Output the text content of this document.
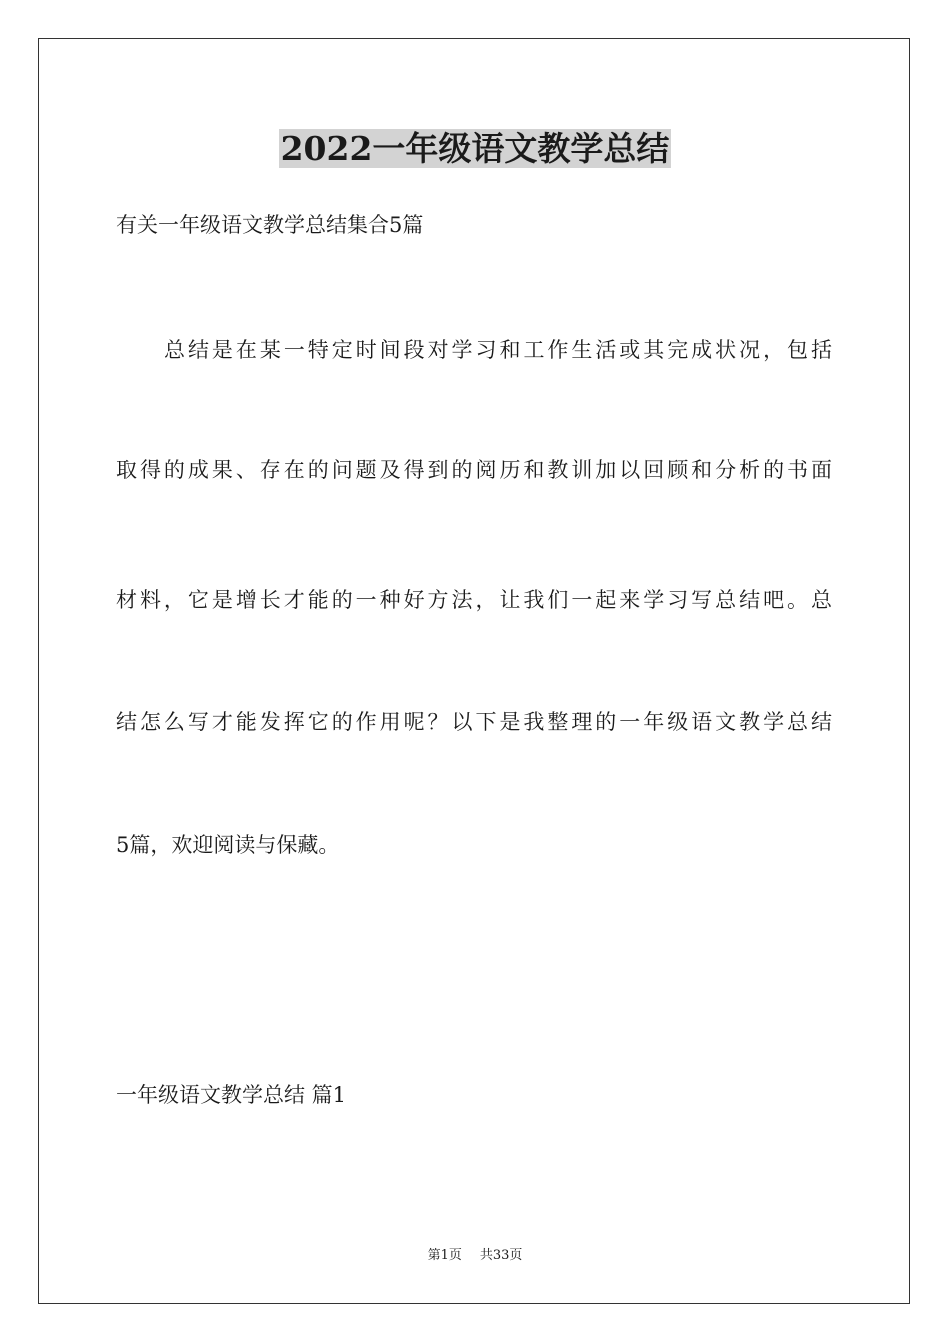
2022一年级语文教学总结

有关一年级语文教学总结集合5篇

总结是在某一特定时间段对学习和工作生活或其完成状况，包括

取得的成果、存在的问题及得到的阅历和教训加以回顾和分析的书面

材料，它是增长才能的一种好方法，让我们一起来学习写总结吧。总

结怎么写才能发挥它的作用呢？以下是我整理的一年级语文教学总结

5篇，欢迎阅读与保藏。

一年级语文教学总结 篇1

第1页 共33页
